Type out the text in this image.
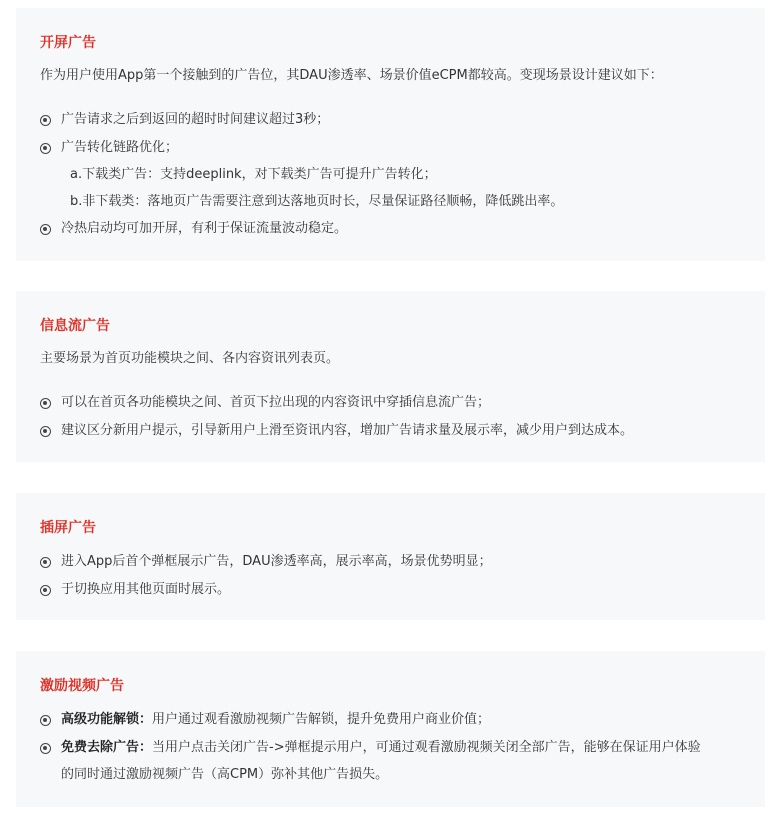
开屏广告
作为用户使用App第一个接触到的广告位，其DAU渗透率、场景价值eCPM都较高。变现场景设计建议如下：
广告请求之后到返回的超时时间建议超过3秒；
广告转化链路优化；
a.下载类广告：支持deeplink，对下载类广告可提升广告转化；
b.非下载类：落地页广告需要注意到达落地页时长，尽量保证路径顺畅，降低跳出率。
冷热启动均可加开屏，有利于保证流量波动稳定。
信息流广告
主要场景为首页功能模块之间、各内容资讯列表页。
可以在首页各功能模块之间、首页下拉出现的内容资讯中穿插信息流广告；
建议区分新用户提示，引导新用户上滑至资讯内容，增加广告请求量及展示率，减少用户到达成本。
插屏广告
进入App后首个弹框展示广告，DAU渗透率高，展示率高，场景优势明显；
于切换应用其他页面时展示。
激励视频广告
高级功能解锁： 用户通过观看激励视频广告解锁，提升免费用户商业价值；
免费去除广告： 当用户点击关闭广告->弹框提示用户，可通过观看激励视频关闭全部广告，能够在保证用户体验
的同时通过激励视频广告（高CPM）弥补其他广告损失。
